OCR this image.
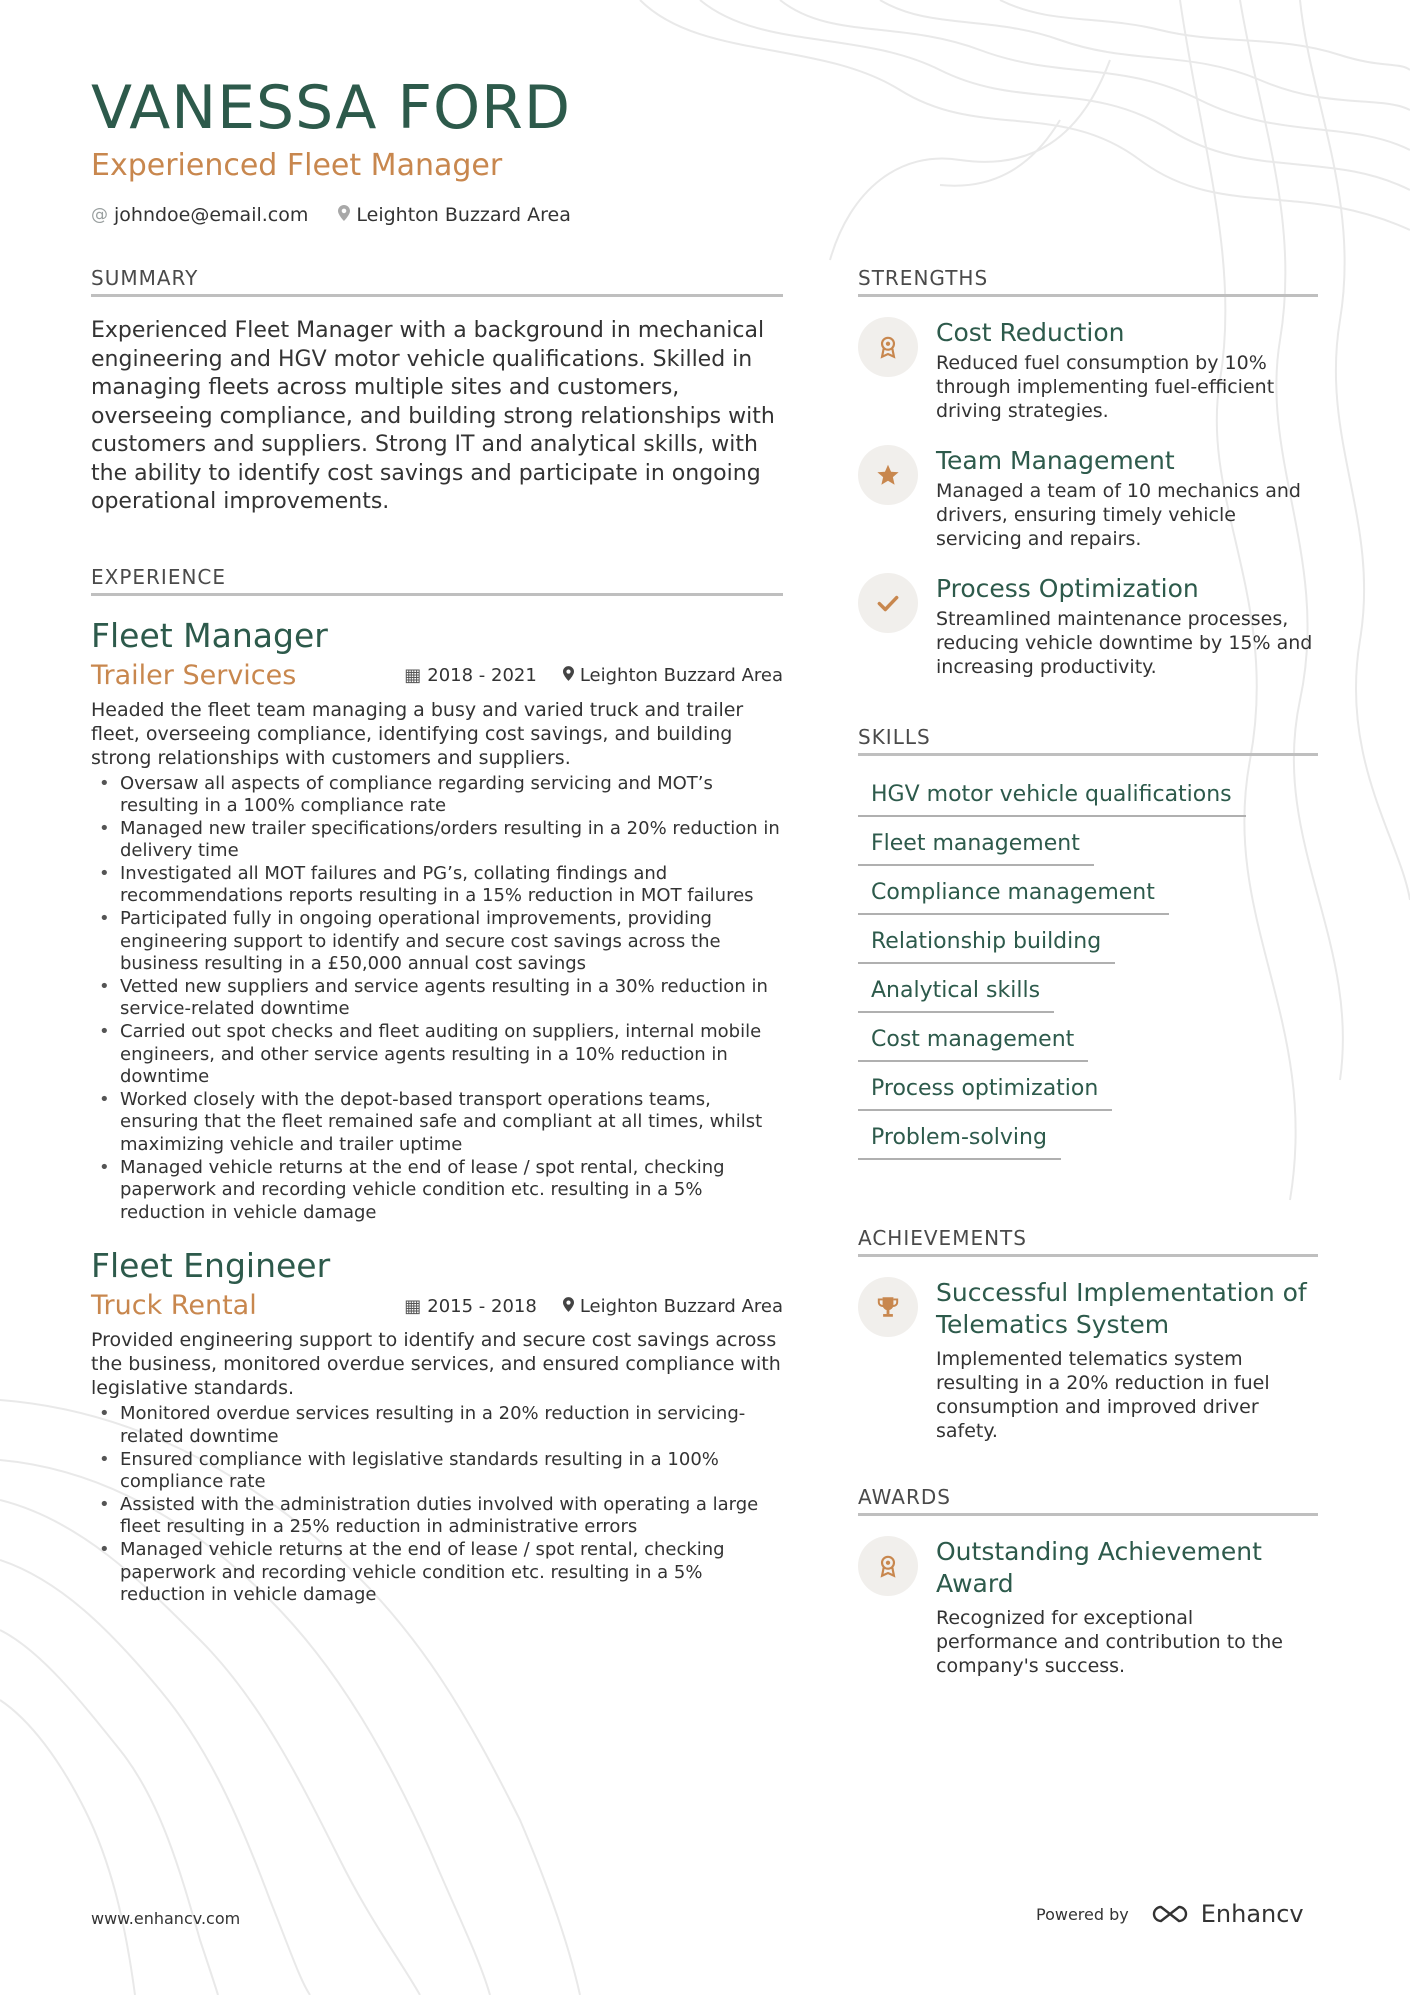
VANESSA FORD
Experienced Fleet Manager
@ johndoe@email.com	Leighton Buzzard Area
SUMMARY
Experienced Fleet Manager with a background in mechanical engineering and HGV motor vehicle qualifications. Skilled in managing fleets across multiple sites and customers, overseeing compliance, and building strong relationships with customers and suppliers. Strong IT and analytical skills, with the ability to identify cost savings and participate in ongoing operational improvements.
EXPERIENCE
Fleet Manager
Trailer Services	▦ 2018 - 2021	Leighton Buzzard Area
Headed the fleet team managing a busy and varied truck and trailer fleet, overseeing compliance, identifying cost savings, and building strong relationships with customers and suppliers.
• Oversaw all aspects of compliance regarding servicing and MOT’s resulting in a 100% compliance rate
• Managed new trailer specifications/orders resulting in a 20% reduction in delivery time
• Investigated all MOT failures and PG’s, collating findings and recommendations reports resulting in a 15% reduction in MOT failures
• Participated fully in ongoing operational improvements, providing engineering support to identify and secure cost savings across the business resulting in a £50,000 annual cost savings
• Vetted new suppliers and service agents resulting in a 30% reduction in service-related downtime
• Carried out spot checks and fleet auditing on suppliers, internal mobile engineers, and other service agents resulting in a 10% reduction in downtime
• Worked closely with the depot-based transport operations teams, ensuring that the fleet remained safe and compliant at all times, whilst maximizing vehicle and trailer uptime
• Managed vehicle returns at the end of lease / spot rental, checking paperwork and recording vehicle condition etc. resulting in a 5% reduction in vehicle damage
Fleet Engineer
Truck Rental	▦ 2015 - 2018	Leighton Buzzard Area
Provided engineering support to identify and secure cost savings across the business, monitored overdue services, and ensured compliance with legislative standards.
• Monitored overdue services resulting in a 20% reduction in servicing-related downtime
• Ensured compliance with legislative standards resulting in a 100% compliance rate
• Assisted with the administration duties involved with operating a large fleet resulting in a 25% reduction in administrative errors
• Managed vehicle returns at the end of lease / spot rental, checking paperwork and recording vehicle condition etc. resulting in a 5% reduction in vehicle damage
STRENGTHS
Cost Reduction
Reduced fuel consumption by 10% through implementing fuel-efficient driving strategies.
Team Management
Managed a team of 10 mechanics and drivers, ensuring timely vehicle servicing and repairs.
Process Optimization
Streamlined maintenance processes, reducing vehicle downtime by 15% and increasing productivity.
SKILLS
HGV motor vehicle qualifications
Fleet management
Compliance management
Relationship building
Analytical skills
Cost management
Process optimization
Problem-solving
ACHIEVEMENTS
Successful Implementation of Telematics System
Implemented telematics system resulting in a 20% reduction in fuel consumption and improved driver safety.
AWARDS
Outstanding Achievement Award
Recognized for exceptional performance and contribution to the company's success.
www.enhancv.com	Powered by	Enhancv
